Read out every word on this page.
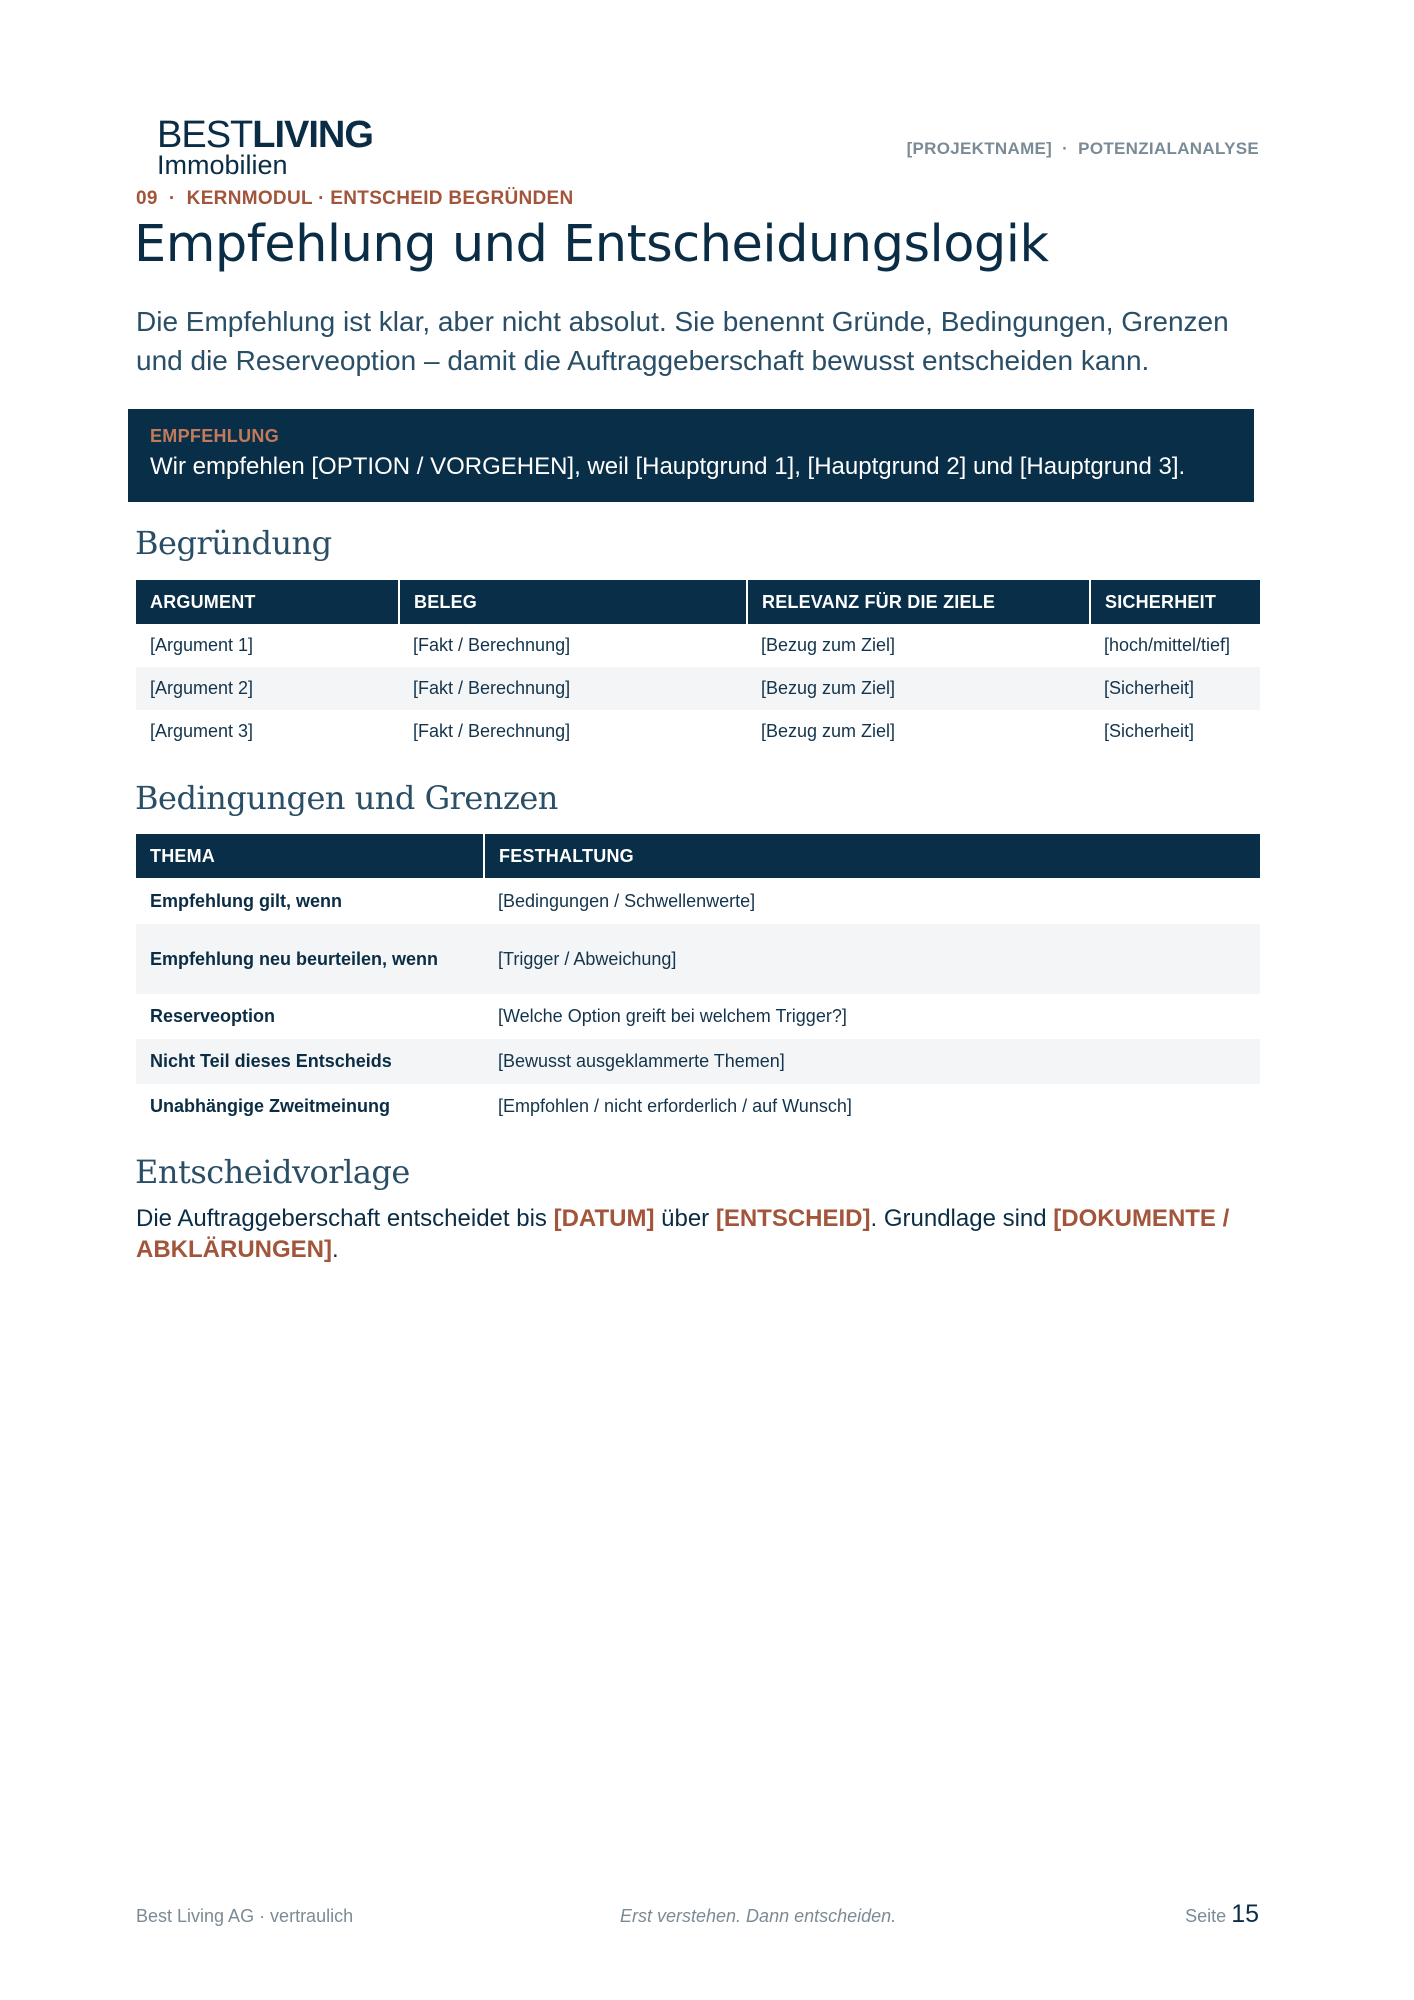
BESTLIVING
Immobilien
[PROJEKTNAME]  ·  POTENZIALANALYSE
09  ·  KERNMODUL · ENTSCHEID BEGRÜNDEN
Empfehlung und Entscheidungslogik
Die Empfehlung ist klar, aber nicht absolut. Sie benennt Gründe, Bedingungen, Grenzen und die Reserveoption – damit die Auftraggeberschaft bewusst entscheiden kann.
EMPFEHLUNG
Wir empfehlen [OPTION / VORGEHEN], weil [Hauptgrund 1], [Hauptgrund 2] und [Hauptgrund 3].
Begründung
ARGUMENT	BELEG	RELEVANZ FÜR DIE ZIELE	SICHERHEIT
[Argument 1]	[Fakt / Berechnung]	[Bezug zum Ziel]	[hoch/mittel/tief]
[Argument 2]	[Fakt / Berechnung]	[Bezug zum Ziel]	[Sicherheit]
[Argument 3]	[Fakt / Berechnung]	[Bezug zum Ziel]	[Sicherheit]
Bedingungen und Grenzen
THEMA	FESTHALTUNG
Empfehlung gilt, wenn	[Bedingungen / Schwellenwerte]
Empfehlung neu beurteilen, wenn	[Trigger / Abweichung]
Reserveoption	[Welche Option greift bei welchem Trigger?]
Nicht Teil dieses Entscheids	[Bewusst ausgeklammerte Themen]
Unabhängige Zweitmeinung	[Empfohlen / nicht erforderlich / auf Wunsch]
Entscheidvorlage
Die Auftraggeberschaft entscheidet bis [DATUM] über [ENTSCHEID]. Grundlage sind [DOKUMENTE / ABKLÄRUNGEN].
Best Living AG · vertraulich	Erst verstehen. Dann entscheiden.	Seite 15
